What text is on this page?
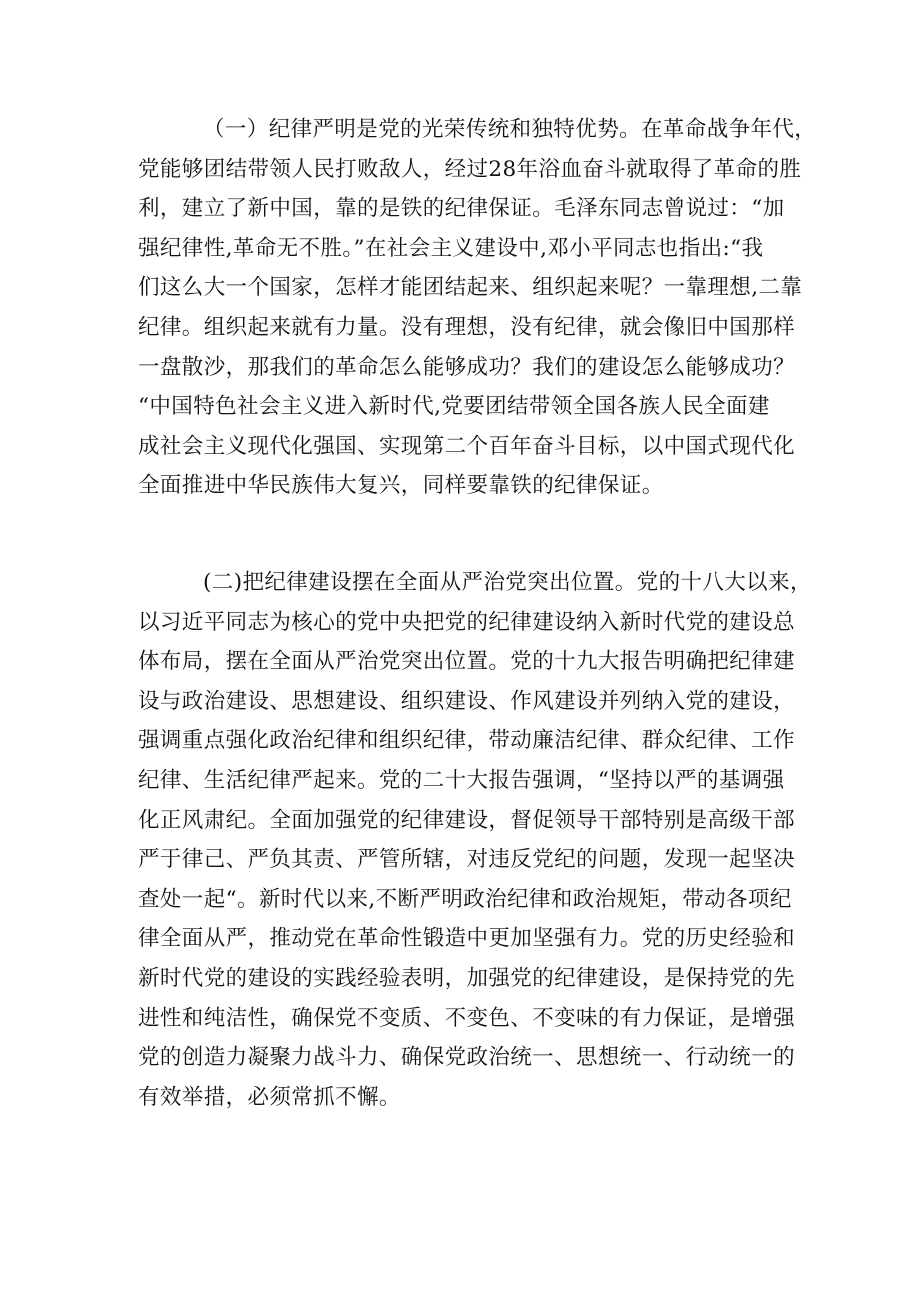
（一）纪律严明是党的光荣传统和独特优势。在革命战争年代，
党能够团结带领人民打败敌人，经过28年浴血奋斗就取得了革命的胜
利，建立了新中国，靠的是铁的纪律保证。毛泽东同志曾说过：“加
强纪律性,革命无不胜。”在社会主义建设中,邓小平同志也指出:“我
们这么大一个国家，怎样才能团结起来、组织起来呢？一靠理想,二靠
纪律。组织起来就有力量。没有理想，没有纪律，就会像旧中国那样
一盘散沙，那我们的革命怎么能够成功？我们的建设怎么能够成功？
“中国特色社会主义进入新时代,党要团结带领全国各族人民全面建
成社会主义现代化强国、实现第二个百年奋斗目标，以中国式现代化
全面推进中华民族伟大复兴，同样要靠铁的纪律保证。
(二)把纪律建设摆在全面从严治党突出位置。党的十八大以来，
以习近平同志为核心的党中央把党的纪律建设纳入新时代党的建设总
体布局，摆在全面从严治党突出位置。党的十九大报告明确把纪律建
设与政治建设、思想建设、组织建设、作风建设并列纳入党的建设，
强调重点强化政治纪律和组织纪律，带动廉洁纪律、群众纪律、工作
纪律、生活纪律严起来。党的二十大报告强调，“坚持以严的基调强
化正风肃纪。全面加强党的纪律建设，督促领导干部特别是高级干部
严于律己、严负其责、严管所辖，对违反党纪的问题，发现一起坚决
查处一起“。新时代以来,不断严明政治纪律和政治规矩，带动各项纪
律全面从严，推动党在革命性锻造中更加坚强有力。党的历史经验和
新时代党的建设的实践经验表明，加强党的纪律建设，是保持党的先
进性和纯洁性，确保党不变质、不变色、不变味的有力保证，是增强
党的创造力凝聚力战斗力、确保党政治统一、思想统一、行动统一的
有效举措，必须常抓不懈。
